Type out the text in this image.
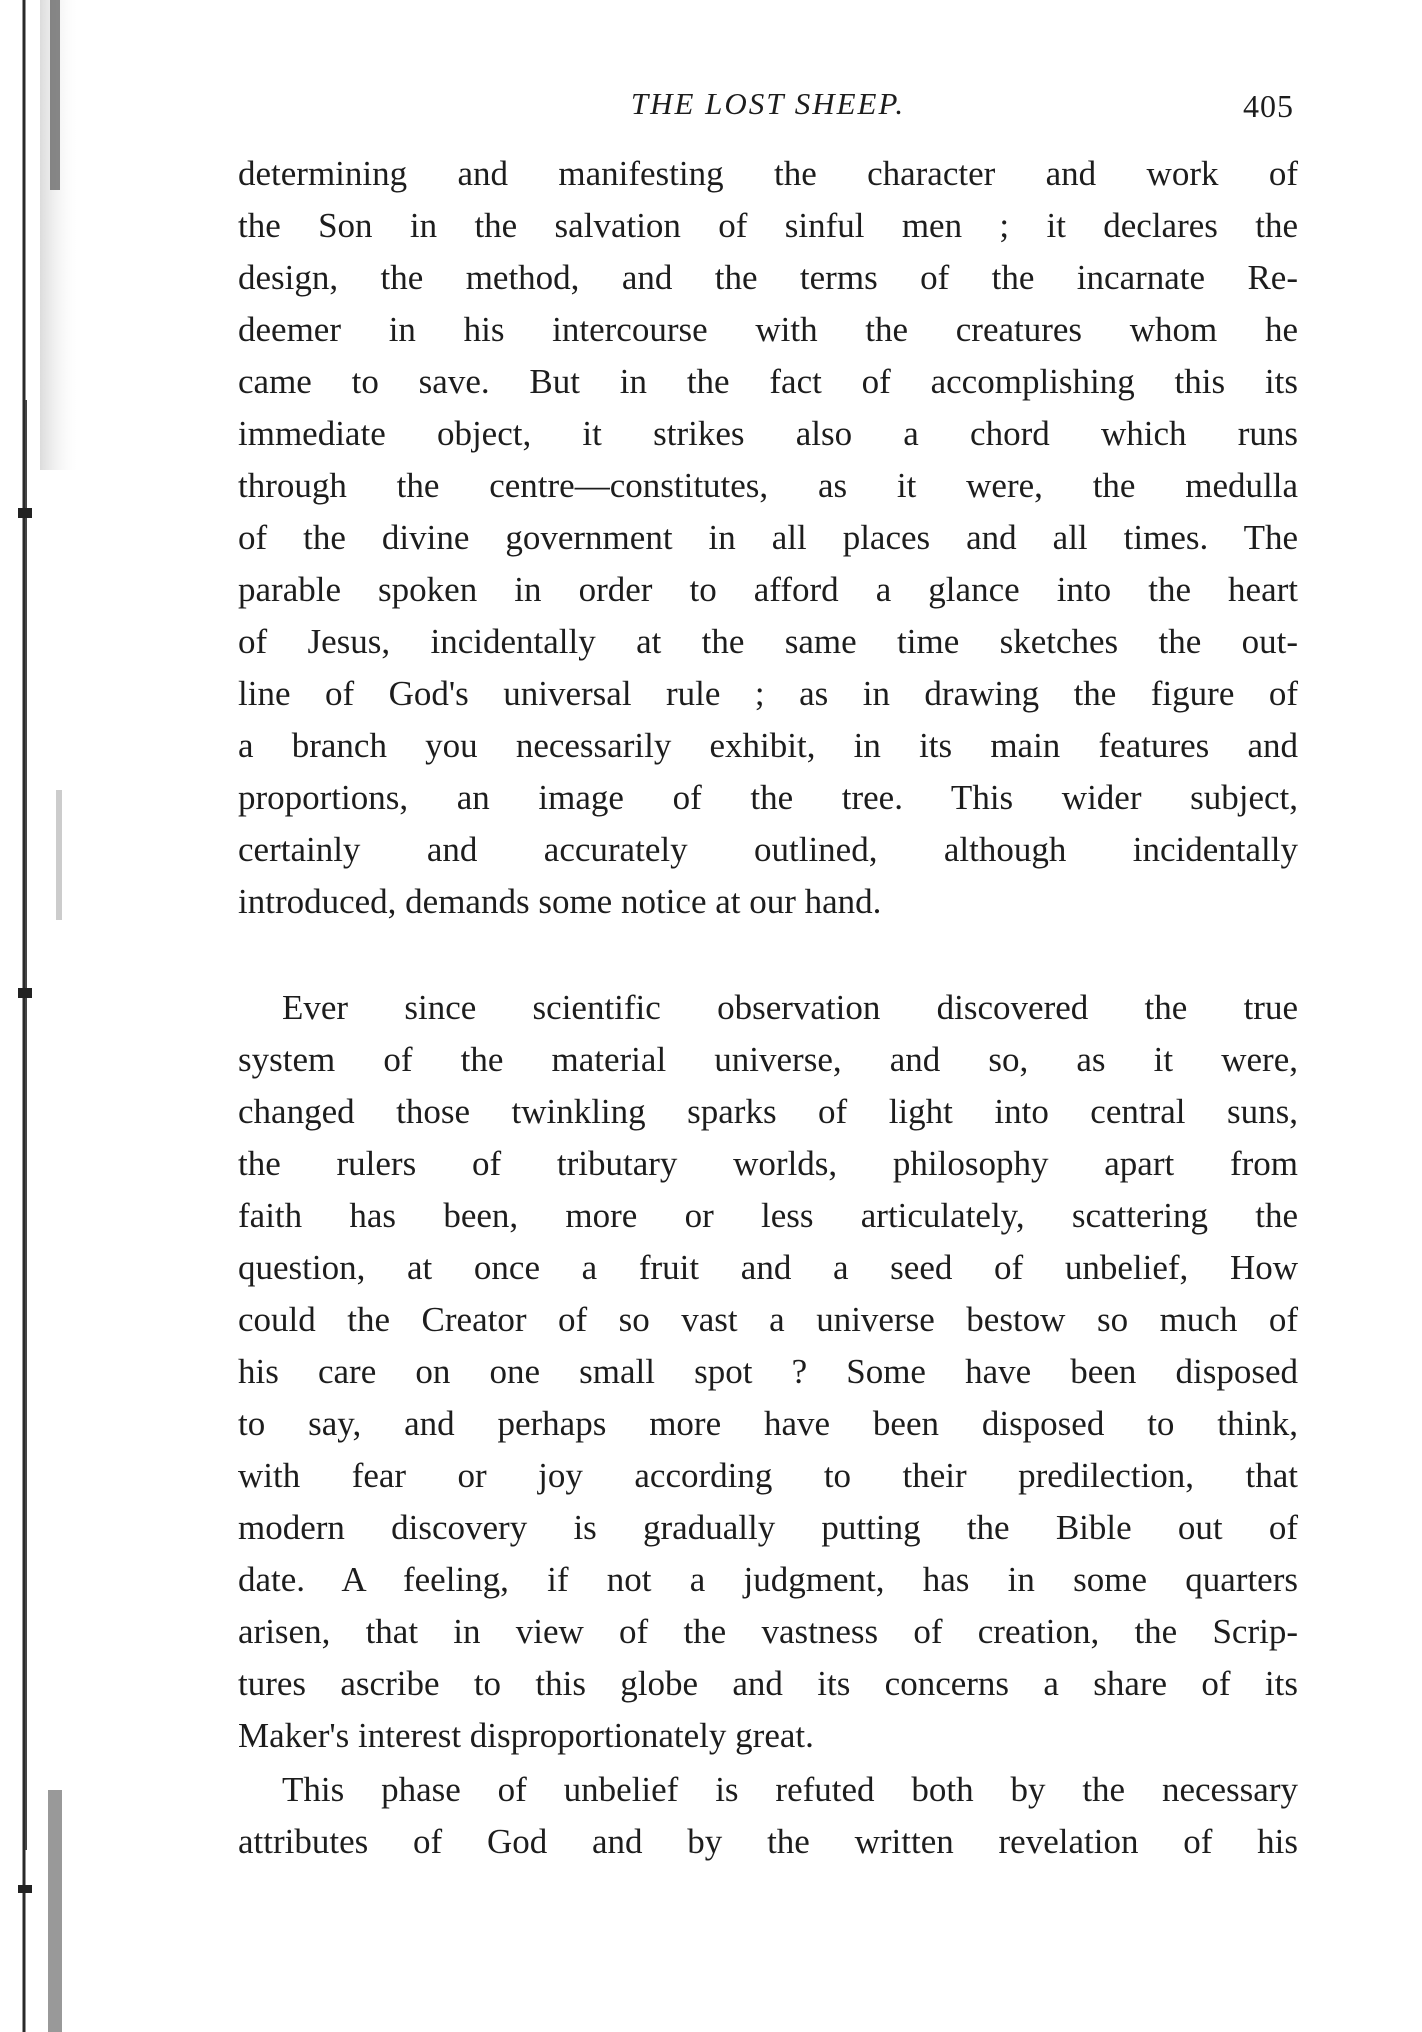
THE LOST SHEEP.	405
determining and manifesting the character and work of
the Son in the salvation of sinful men ; it declares the
design, the method, and the terms of the incarnate Re-
deemer in his intercourse with the creatures whom he
came to save. But in the fact of accomplishing this its
immediate object, it strikes also a chord which runs
through the centre—constitutes, as it were, the medulla
of the divine government in all places and all times. The
parable spoken in order to afford a glance into the heart
of Jesus, incidentally at the same time sketches the out-
line of God's universal rule ; as in drawing the figure of
a branch you necessarily exhibit, in its main features and
proportions, an image of the tree. This wider subject,
certainly and accurately outlined, although incidentally
introduced, demands some notice at our hand.
Ever since scientific observation discovered the true
system of the material universe, and so, as it were,
changed those twinkling sparks of light into central suns,
the rulers of tributary worlds, philosophy apart from
faith has been, more or less articulately, scattering the
question, at once a fruit and a seed of unbelief, How
could the Creator of so vast a universe bestow so much of
his care on one small spot ? Some have been disposed
to say, and perhaps more have been disposed to think,
with fear or joy according to their predilection, that
modern discovery is gradually putting the Bible out of
date. A feeling, if not a judgment, has in some quarters
arisen, that in view of the vastness of creation, the Scrip-
tures ascribe to this globe and its concerns a share of its
Maker's interest disproportionately great.
This phase of unbelief is refuted both by the necessary
attributes of God and by the written revelation of his
